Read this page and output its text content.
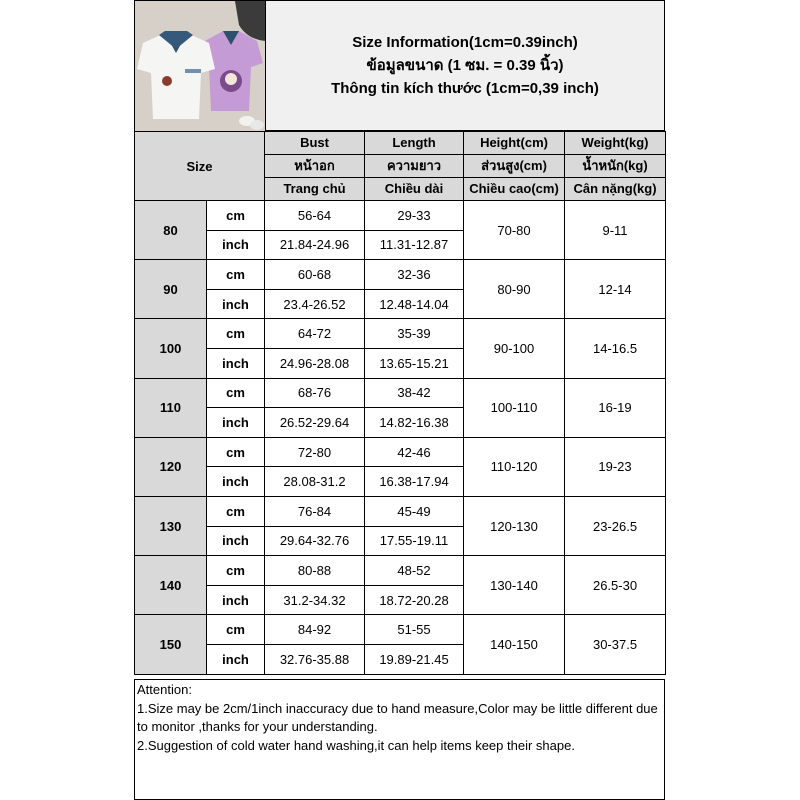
Size Information(1cm=0.39inch)
ข้อมูลขนาด (1 ซม. = 0.39 นิ้ว)
Thông tin kích thước (1cm=0,39 inch)
Size		Bust	Length	Height(cm)	Weight(kg)
		หน้าอก	ความยาว	ส่วนสูง(cm)	น้ำหนัก(kg)
		Trang chủ	Chiều dài	Chiều cao(cm)	Cân nặng(kg)
80	cm	56-64	29-33	70-80	9-11
	inch	21.84-24.96	11.31-12.87		
90	cm	60-68	32-36	80-90	12-14
	inch	23.4-26.52	12.48-14.04		
100	cm	64-72	35-39	90-100	14-16.5
	inch	24.96-28.08	13.65-15.21		
110	cm	68-76	38-42	100-110	16-19
	inch	26.52-29.64	14.82-16.38		
120	cm	72-80	42-46	110-120	19-23
	inch	28.08-31.2	16.38-17.94		
130	cm	76-84	45-49	120-130	23-26.5
	inch	29.64-32.76	17.55-19.11		
140	cm	80-88	48-52	130-140	26.5-30
	inch	31.2-34.32	18.72-20.28		
150	cm	84-92	51-55	140-150	30-37.5
	inch	32.76-35.88	19.89-21.45		
Attention:
1.Size may be 2cm/1inch inaccuracy due to hand measure,Color may be little different due to monitor ,thanks for your understanding.
2.Suggestion of cold water hand washing,it can help items keep their shape.
